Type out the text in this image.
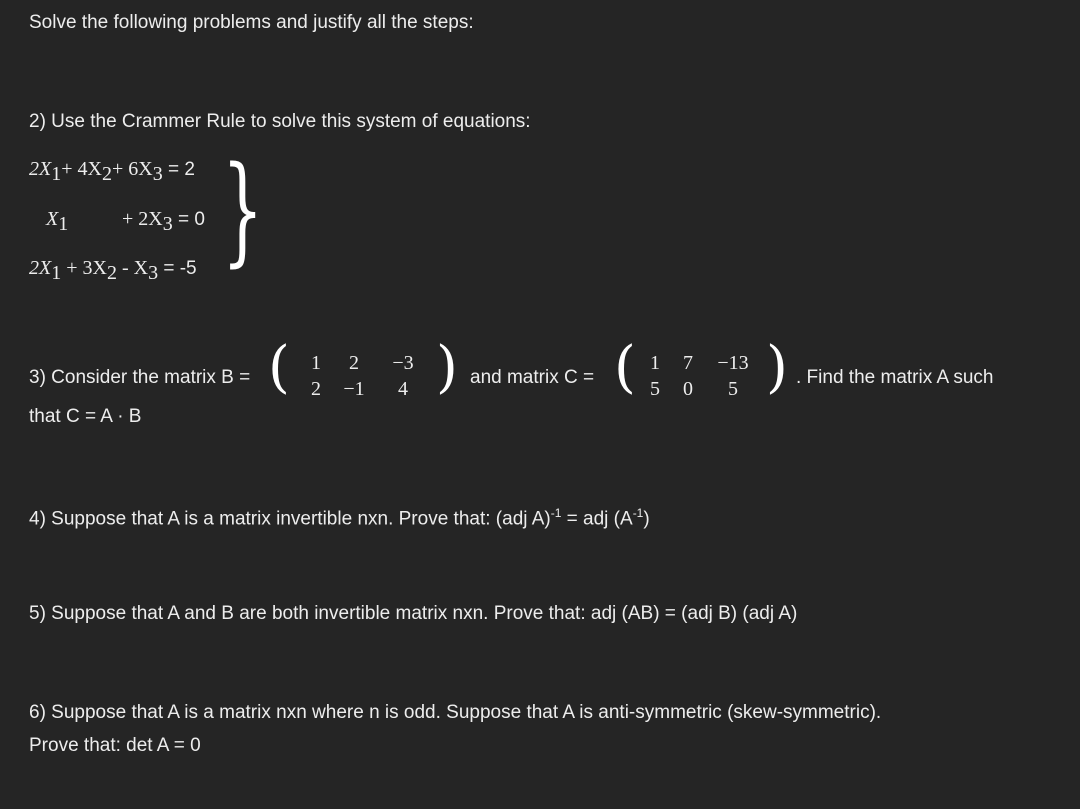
Solve the following problems and justify all the steps:
2) Use the Crammer Rule to solve this system of equations:
$2X_1+ 4X_2+ 6X_3 = 2$
$X_1$	+ $2X_3 = 0$
$2X_1 + 3X_2 - X_3 = -5$ }
3) Consider the matrix B = (	1	2	−3
2	−1	4 ) and matrix C = ( 1	7	−13
5	0	5 ) . Find the matrix A such
that C = A · B
4) Suppose that A is a matrix invertible nxn. Prove that: (adj A)$^{-1}$ = adj $(A^{-1})$
5) Suppose that A and B are both invertible matrix nxn. Prove that: adj (AB) = (adj B) (adj A)
6) Suppose that A is a matrix nxn where n is odd. Suppose that A is anti-symmetric (skew-symmetric).
Prove that: det A = 0
